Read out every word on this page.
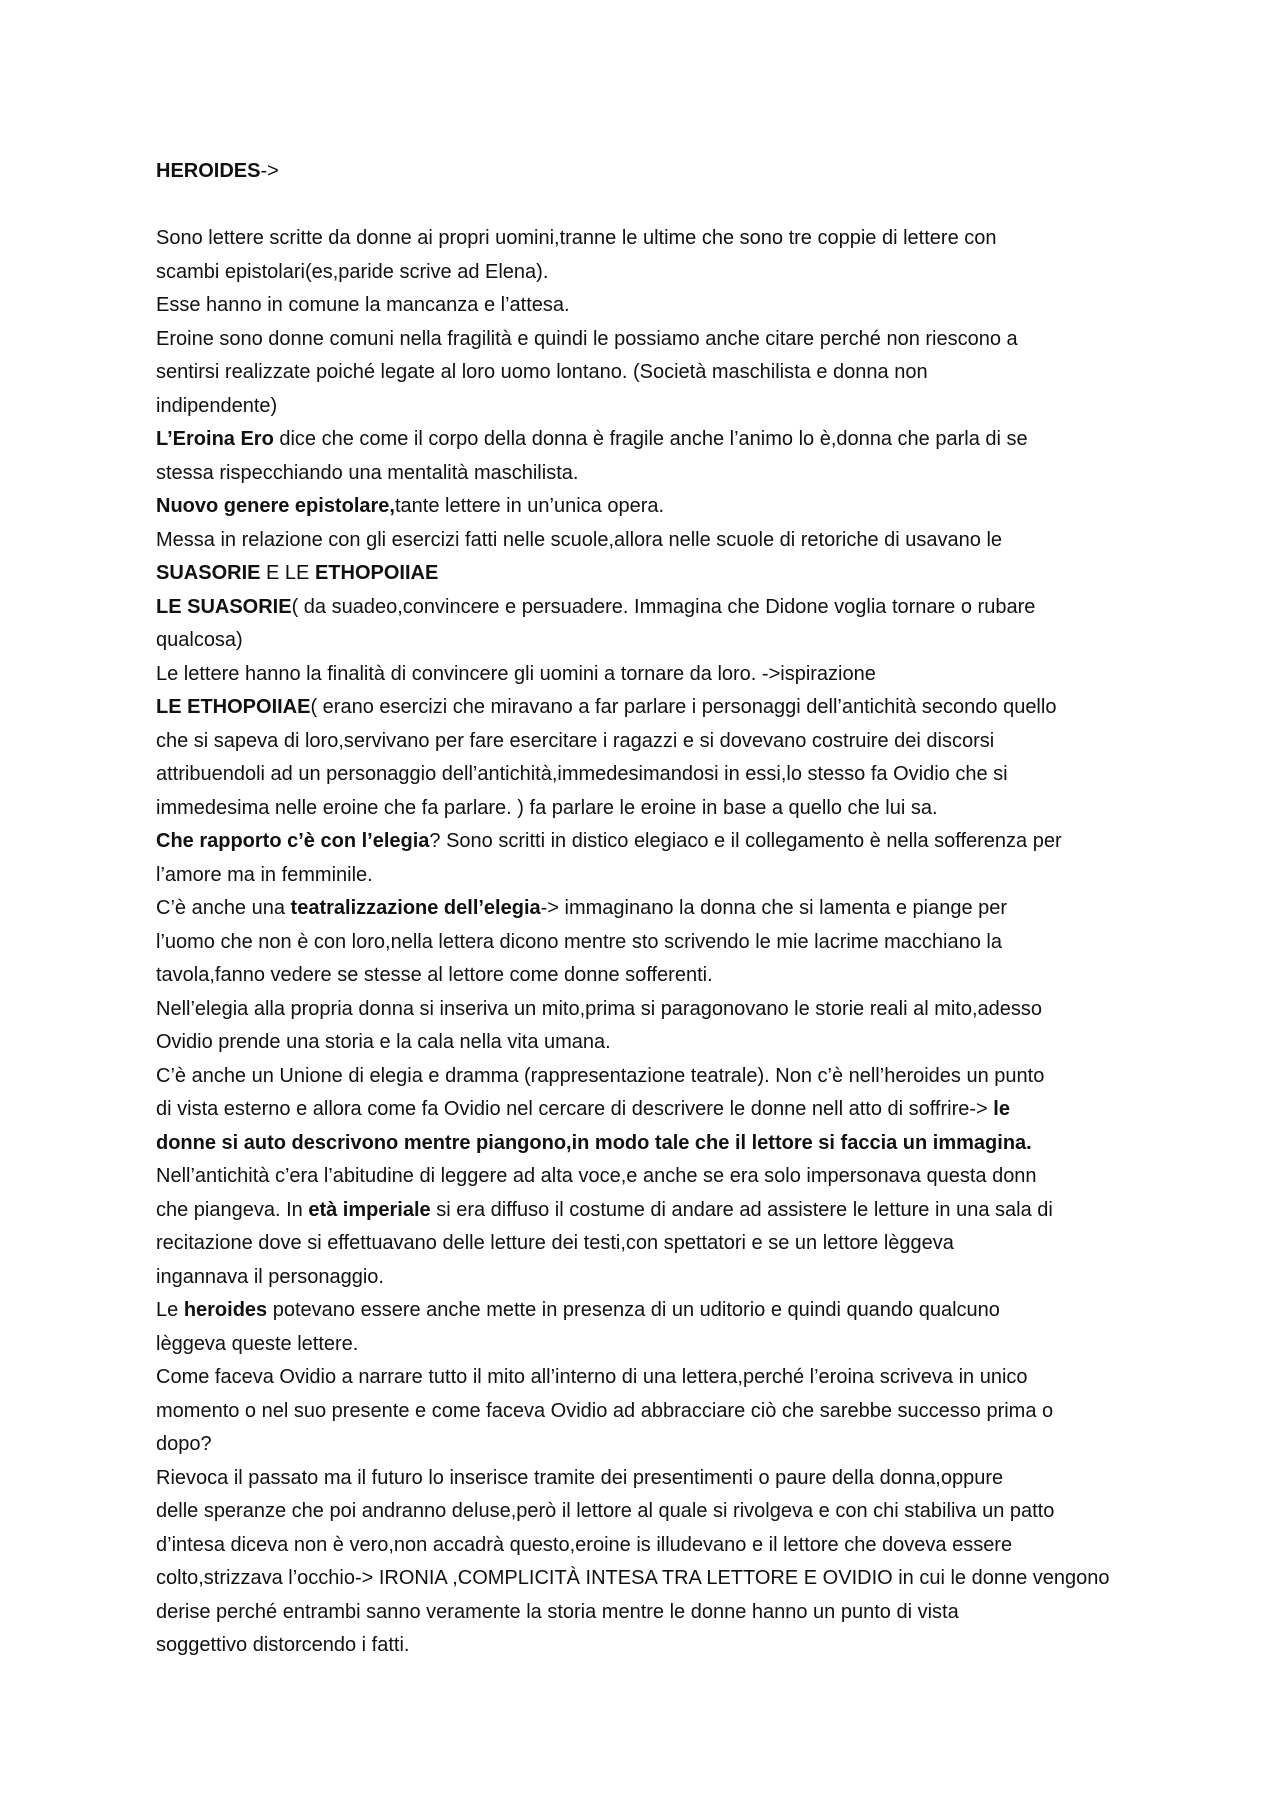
HEROIDES->
Sono lettere scritte da donne ai propri uomini,tranne le ultime che sono tre coppie di lettere con
scambi epistolari(es,paride scrive ad Elena).
Esse hanno in comune la mancanza e l’attesa.
Eroine sono donne comuni nella fragilità e quindi le possiamo anche citare perché non riescono a
sentirsi realizzate poiché legate al loro uomo lontano. (Società maschilista e donna non
indipendente)
L’Eroina Ero dice che come il corpo della donna è fragile anche l’animo lo è,donna che parla di se
stessa rispecchiando una mentalità maschilista.
Nuovo genere epistolare,tante lettere in un’unica opera.
Messa in relazione con gli esercizi fatti nelle scuole,allora nelle scuole di retoriche di usavano le
SUASORIE E LE ETHOPOIIAE
LE SUASORIE( da suadeo,convincere e persuadere. Immagina che Didone voglia tornare o rubare
qualcosa)
Le lettere hanno la finalità di convincere gli uomini a tornare da loro. ->ispirazione
LE ETHOPOIIAE( erano esercizi che miravano a far parlare i personaggi dell’antichità secondo quello
che si sapeva di loro,servivano per fare esercitare i ragazzi e si dovevano costruire dei discorsi
attribuendoli ad un personaggio dell’antichità,immedesimandosi in essi,lo stesso fa Ovidio che si
immedesima nelle eroine che fa parlare. ) fa parlare le eroine in base a quello che lui sa.
Che rapporto c’è con l’elegia? Sono scritti in distico elegiaco e il collegamento è nella sofferenza per
l’amore ma in femminile.
C’è anche una teatralizzazione dell’elegia-> immaginano la donna che si lamenta e piange per
l’uomo che non è con loro,nella lettera dicono mentre sto scrivendo le mie lacrime macchiano la
tavola,fanno vedere se stesse al lettore come donne sofferenti.
Nell’elegia alla propria donna si inseriva un mito,prima si paragonovano le storie reali al mito,adesso
Ovidio prende una storia e la cala nella vita umana.
C’è anche un Unione di elegia e dramma (rappresentazione teatrale). Non c’è nell’heroides un punto
di vista esterno e allora come fa Ovidio nel cercare di descrivere le donne nell atto di soffrire-> le
donne si auto descrivono mentre piangono,in modo tale che il lettore si faccia un immagina.
Nell’antichità c’era l’abitudine di leggere ad alta voce,e anche se era solo impersonava questa donn
che piangeva. In età imperiale si era diffuso il costume di andare ad assistere le letture in una sala di
recitazione dove si effettuavano delle letture dei testi,con spettatori e se un lettore lèggeva
ingannava il personaggio.
Le heroides potevano essere anche mette in presenza di un uditorio e quindi quando qualcuno
lèggeva queste lettere.
Come faceva Ovidio a narrare tutto il mito all’interno di una lettera,perché l’eroina scriveva in unico
momento o nel suo presente e come faceva Ovidio ad abbracciare ciò che sarebbe successo prima o
dopo?
Rievoca il passato ma il futuro lo inserisce tramite dei presentimenti o paure della donna,oppure
delle speranze che poi andranno deluse,però il lettore al quale si rivolgeva e con chi stabiliva un patto
d’intesa diceva non è vero,non accadrà questo,eroine is illudevano e il lettore che doveva essere
colto,strizzava l’occhio-> IRONIA ,COMPLICITÀ INTESA TRA LETTORE E OVIDIO in cui le donne vengono
derise perché entrambi sanno veramente la storia mentre le donne hanno un punto di vista
soggettivo distorcendo i fatti.
